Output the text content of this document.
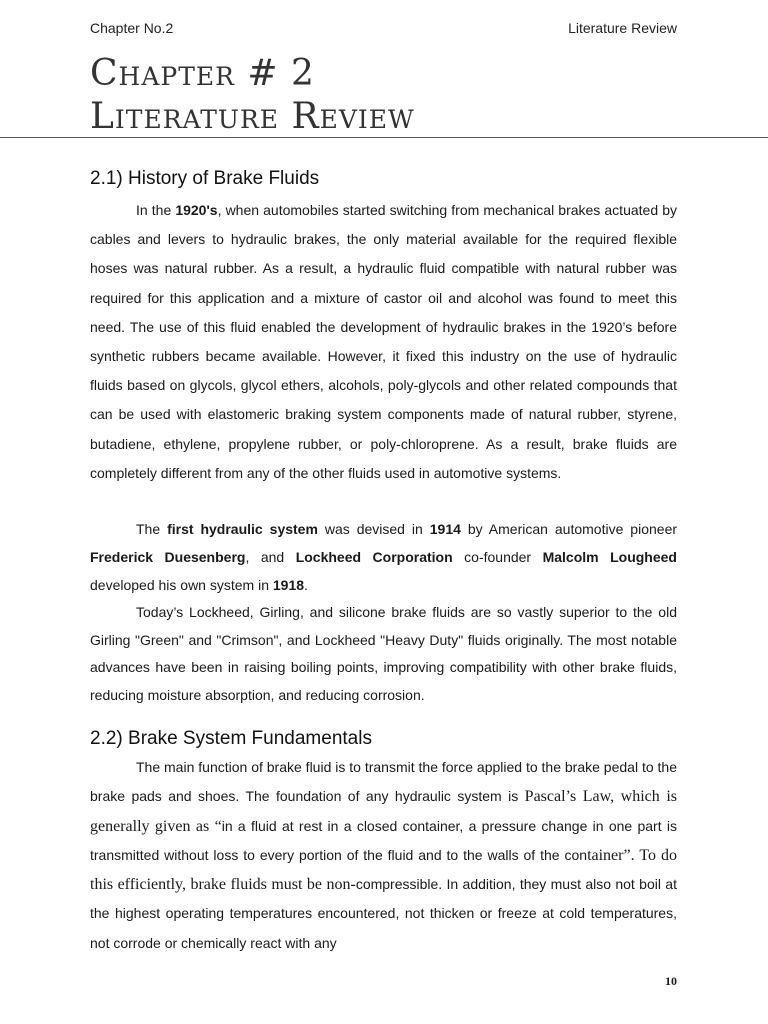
Chapter No.2	Literature Review
Chapter # 2
Literature Review
2.1) History of Brake Fluids

In the 1920's, when automobiles started switching from mechanical brakes actuated by cables and levers to hydraulic brakes, the only material available for the required flexible hoses was natural rubber. As a result, a hydraulic fluid compatible with natural rubber was required for this application and a mixture of castor oil and alcohol was found to meet this need. The use of this fluid enabled the development of hydraulic brakes in the 1920’s before synthetic rubbers became available. However, it fixed this industry on the use of hydraulic fluids based on glycols, glycol ethers, alcohols, poly-glycols and other related compounds that can be used with elastomeric braking system components made of natural rubber, styrene, butadiene, ethylene, propylene rubber, or poly-chloroprene. As a result, brake fluids are completely different from any of the other fluids used in automotive systems.

The first hydraulic system was devised in 1914 by American automotive pioneer Frederick Duesenberg, and Lockheed Corporation co-founder Malcolm Lougheed developed his own system in 1918.

Today’s Lockheed, Girling, and silicone brake fluids are so vastly superior to the old Girling "Green" and "Crimson", and Lockheed "Heavy Duty" fluids originally. The most notable advances have been in raising boiling points, improving compatibility with other brake fluids, reducing moisture absorption, and reducing corrosion.

2.2) Brake System Fundamentals

The main function of brake fluid is to transmit the force applied to the brake pedal to the brake pads and shoes. The foundation of any hydraulic system is Pascal’s Law, which is generally given as “in a fluid at rest in a closed container, a pressure change in one part is transmitted without loss to every portion of the fluid and to the walls of the container”. To do this efficiently, brake fluids must be non-compressible. In addition, they must also not boil at the highest operating temperatures encountered, not thicken or freeze at cold temperatures, not corrode or chemically react with any

10
